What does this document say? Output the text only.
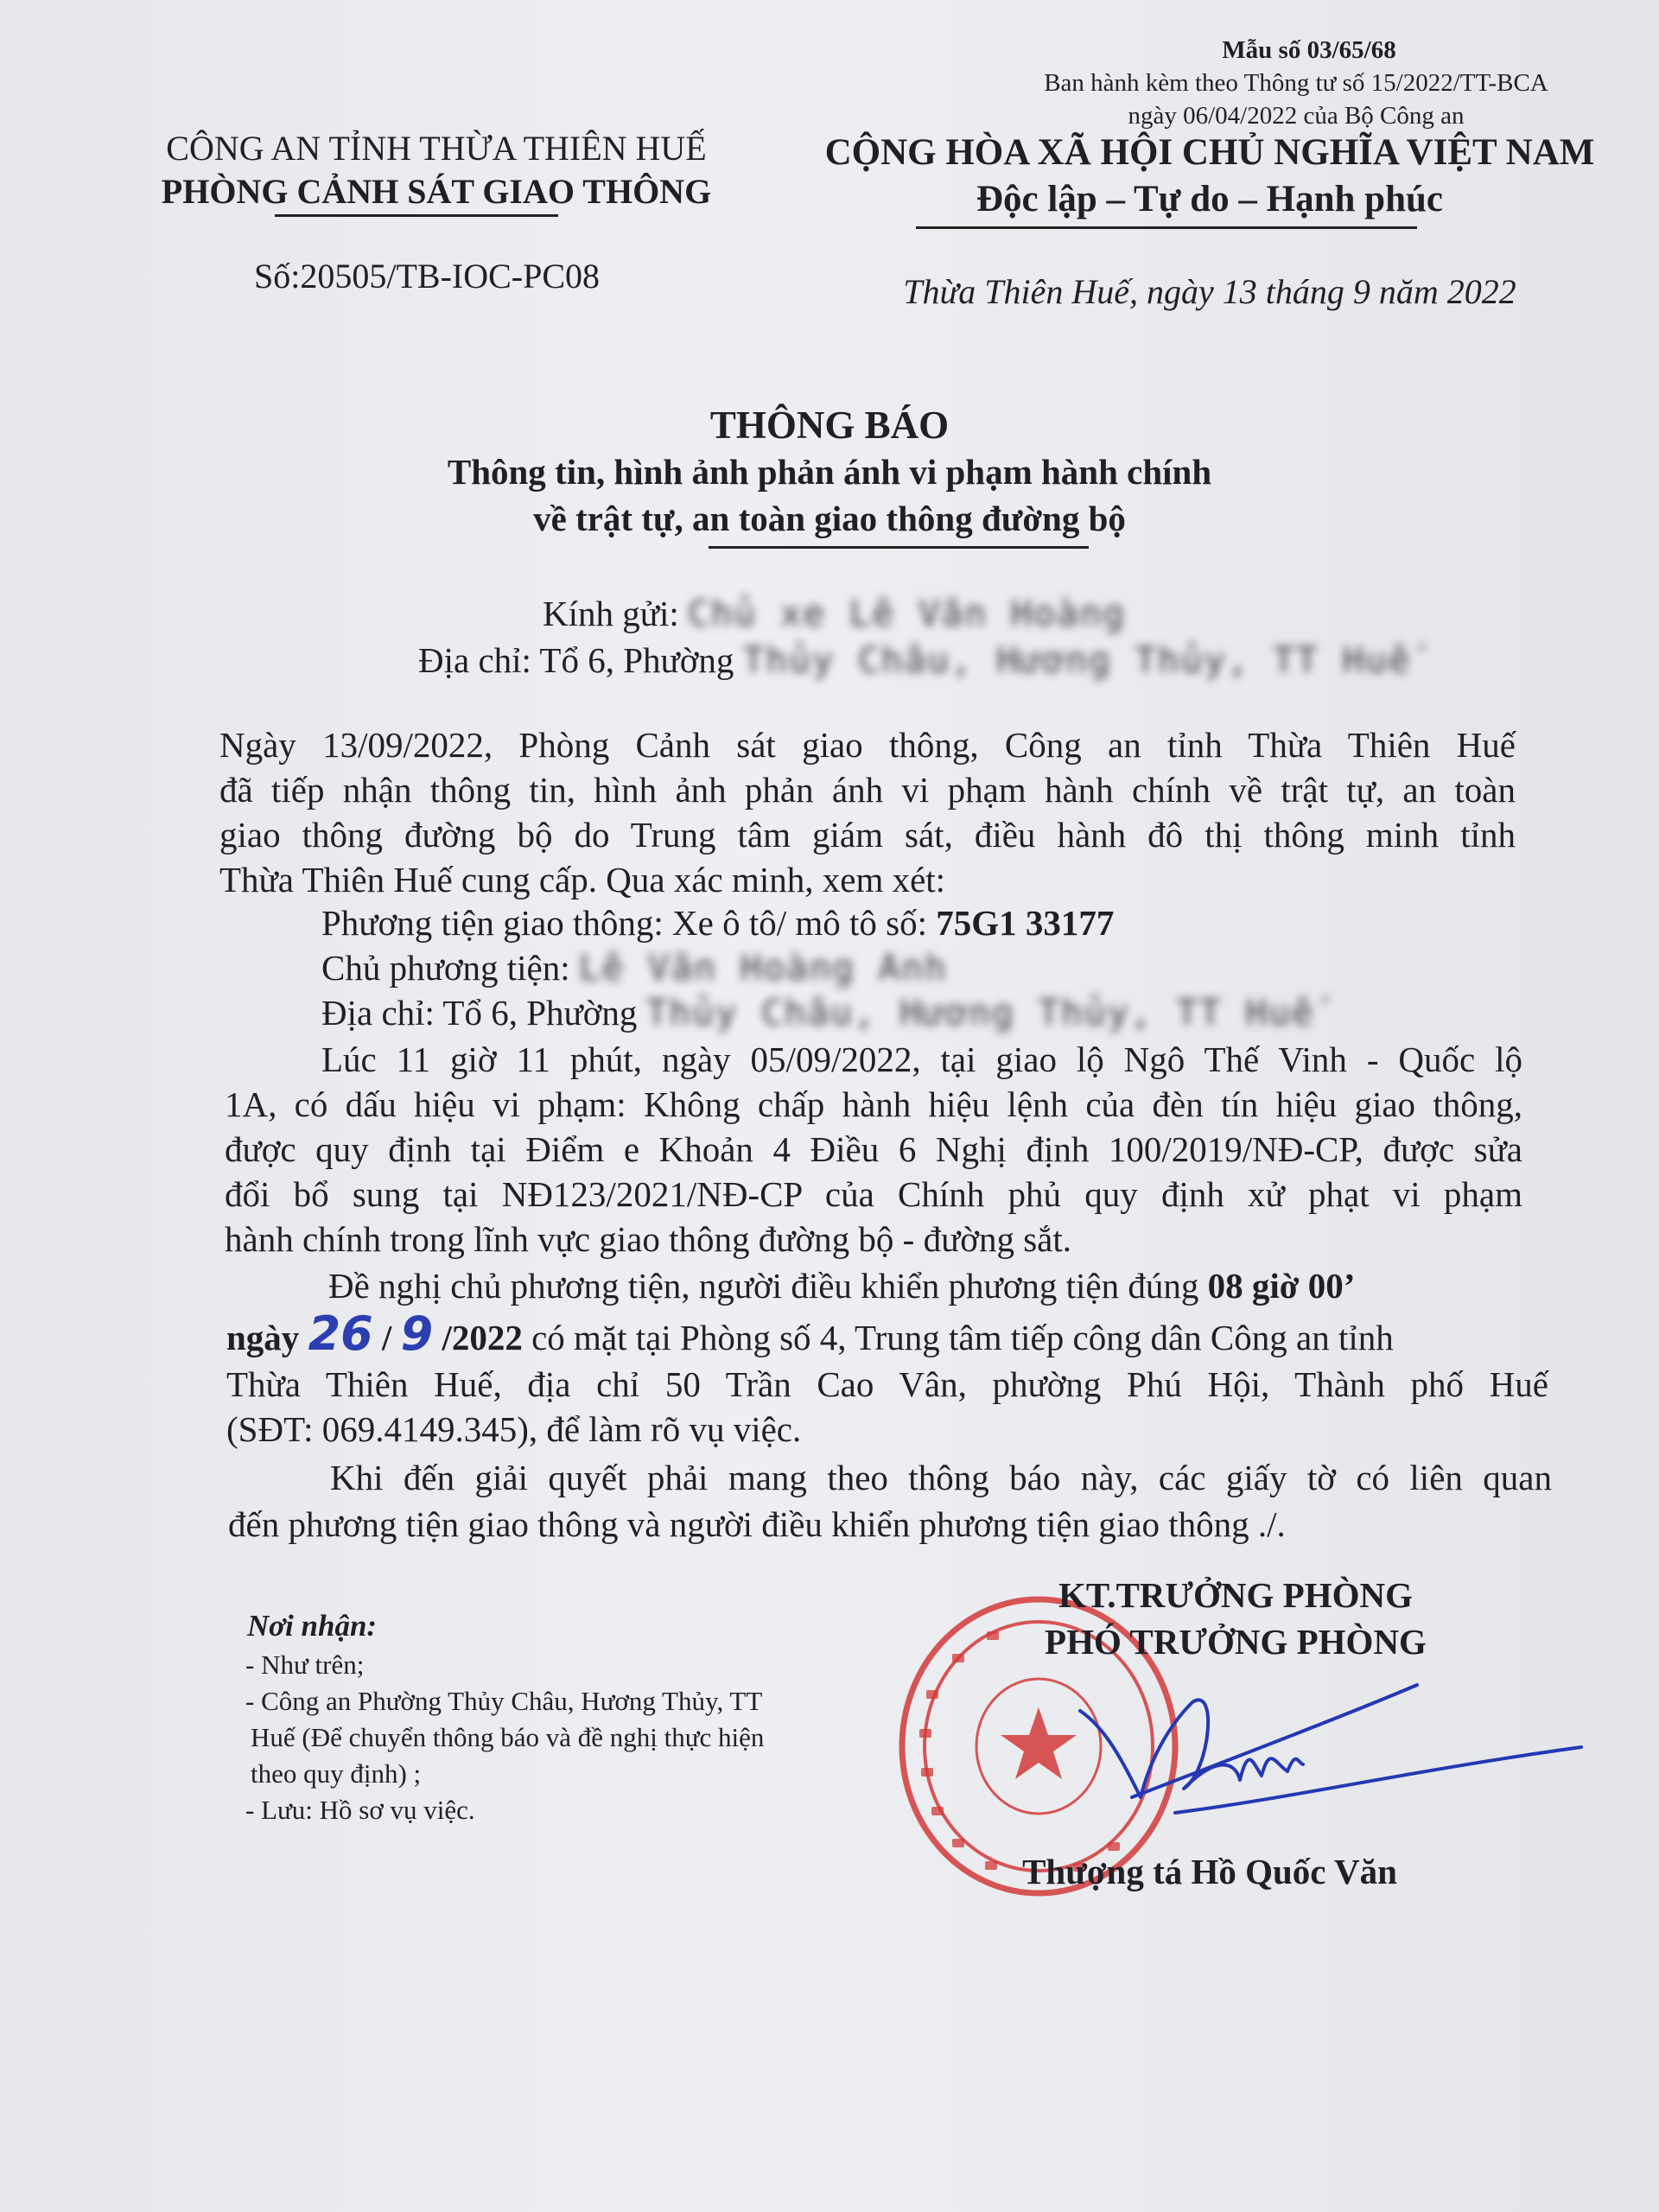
Mẫu số 03/65/68
Ban hành kèm theo Thông tư số 15/2022/TT-BCA
ngày 06/04/2022 của Bộ Công an
CÔNG AN TỈNH THỪA THIÊN HUẾ
PHÒNG CẢNH SÁT GIAO THÔNG
Số:20505/TB-IOC-PC08
CỘNG HÒA XÃ HỘI CHỦ NGHĨA VIỆT NAM
Độc lập – Tự do – Hạnh phúc
Thừa Thiên Huế, ngày 13 tháng 9 năm 2022
THÔNG BÁO
Thông tin, hình ảnh phản ánh vi phạm hành chính
về trật tự, an toàn giao thông đường bộ
Kính gửi: Chủ xe Lê Văn Hoàng
Địa chỉ: Tổ 6, Phường Thủy Châu, Hương Thủy, TT Huế
Ngày 13/09/2022, Phòng Cảnh sát giao thông, Công an tỉnh Thừa Thiên Huế
đã tiếp nhận thông tin, hình ảnh phản ánh vi phạm hành chính về trật tự, an toàn
giao thông đường bộ do Trung tâm giám sát, điều hành đô thị thông minh tỉnh
Thừa Thiên Huế cung cấp. Qua xác minh, xem xét:
Phương tiện giao thông: Xe ô tô/ mô tô số: 75G1 33177
Chủ phương tiện: Lê Văn Hoàng Anh
Địa chỉ: Tổ 6, Phường Thủy Châu, Hương Thủy, TT Huế
Lúc 11 giờ 11 phút, ngày 05/09/2022, tại giao lộ Ngô Thế Vinh - Quốc lộ
1A, có dấu hiệu vi phạm: Không chấp hành hiệu lệnh của đèn tín hiệu giao thông,
được quy định tại Điểm e Khoản 4 Điều 6 Nghị định 100/2019/NĐ-CP, được sửa
đổi bổ sung tại NĐ123/2021/NĐ-CP của Chính phủ quy định xử phạt vi phạm
hành chính trong lĩnh vực giao thông đường bộ - đường sắt.
Đề nghị chủ phương tiện, người điều khiển phương tiện đúng 08 giờ 00’
ngày 26 / 9 /2022 có mặt tại Phòng số 4, Trung tâm tiếp công dân Công an tỉnh
Thừa Thiên Huế, địa chỉ 50 Trần Cao Vân, phường Phú Hội, Thành phố Huế
(SĐT: 069.4149.345), để làm rõ vụ việc.
Khi đến giải quyết phải mang theo thông báo này, các giấy tờ có liên quan
đến phương tiện giao thông và người điều khiển phương tiện giao thông ./.
Nơi nhận:
- Như trên;
- Công an Phường Thủy Châu, Hương Thủy, TT
Huế (Để chuyển thông báo và đề nghị thực hiện
theo quy định) ;
- Lưu: Hồ sơ vụ việc.
KT.TRƯỞNG PHÒNG
PHÓ TRƯỞNG PHÒNG
Thượng tá Hồ Quốc Văn
